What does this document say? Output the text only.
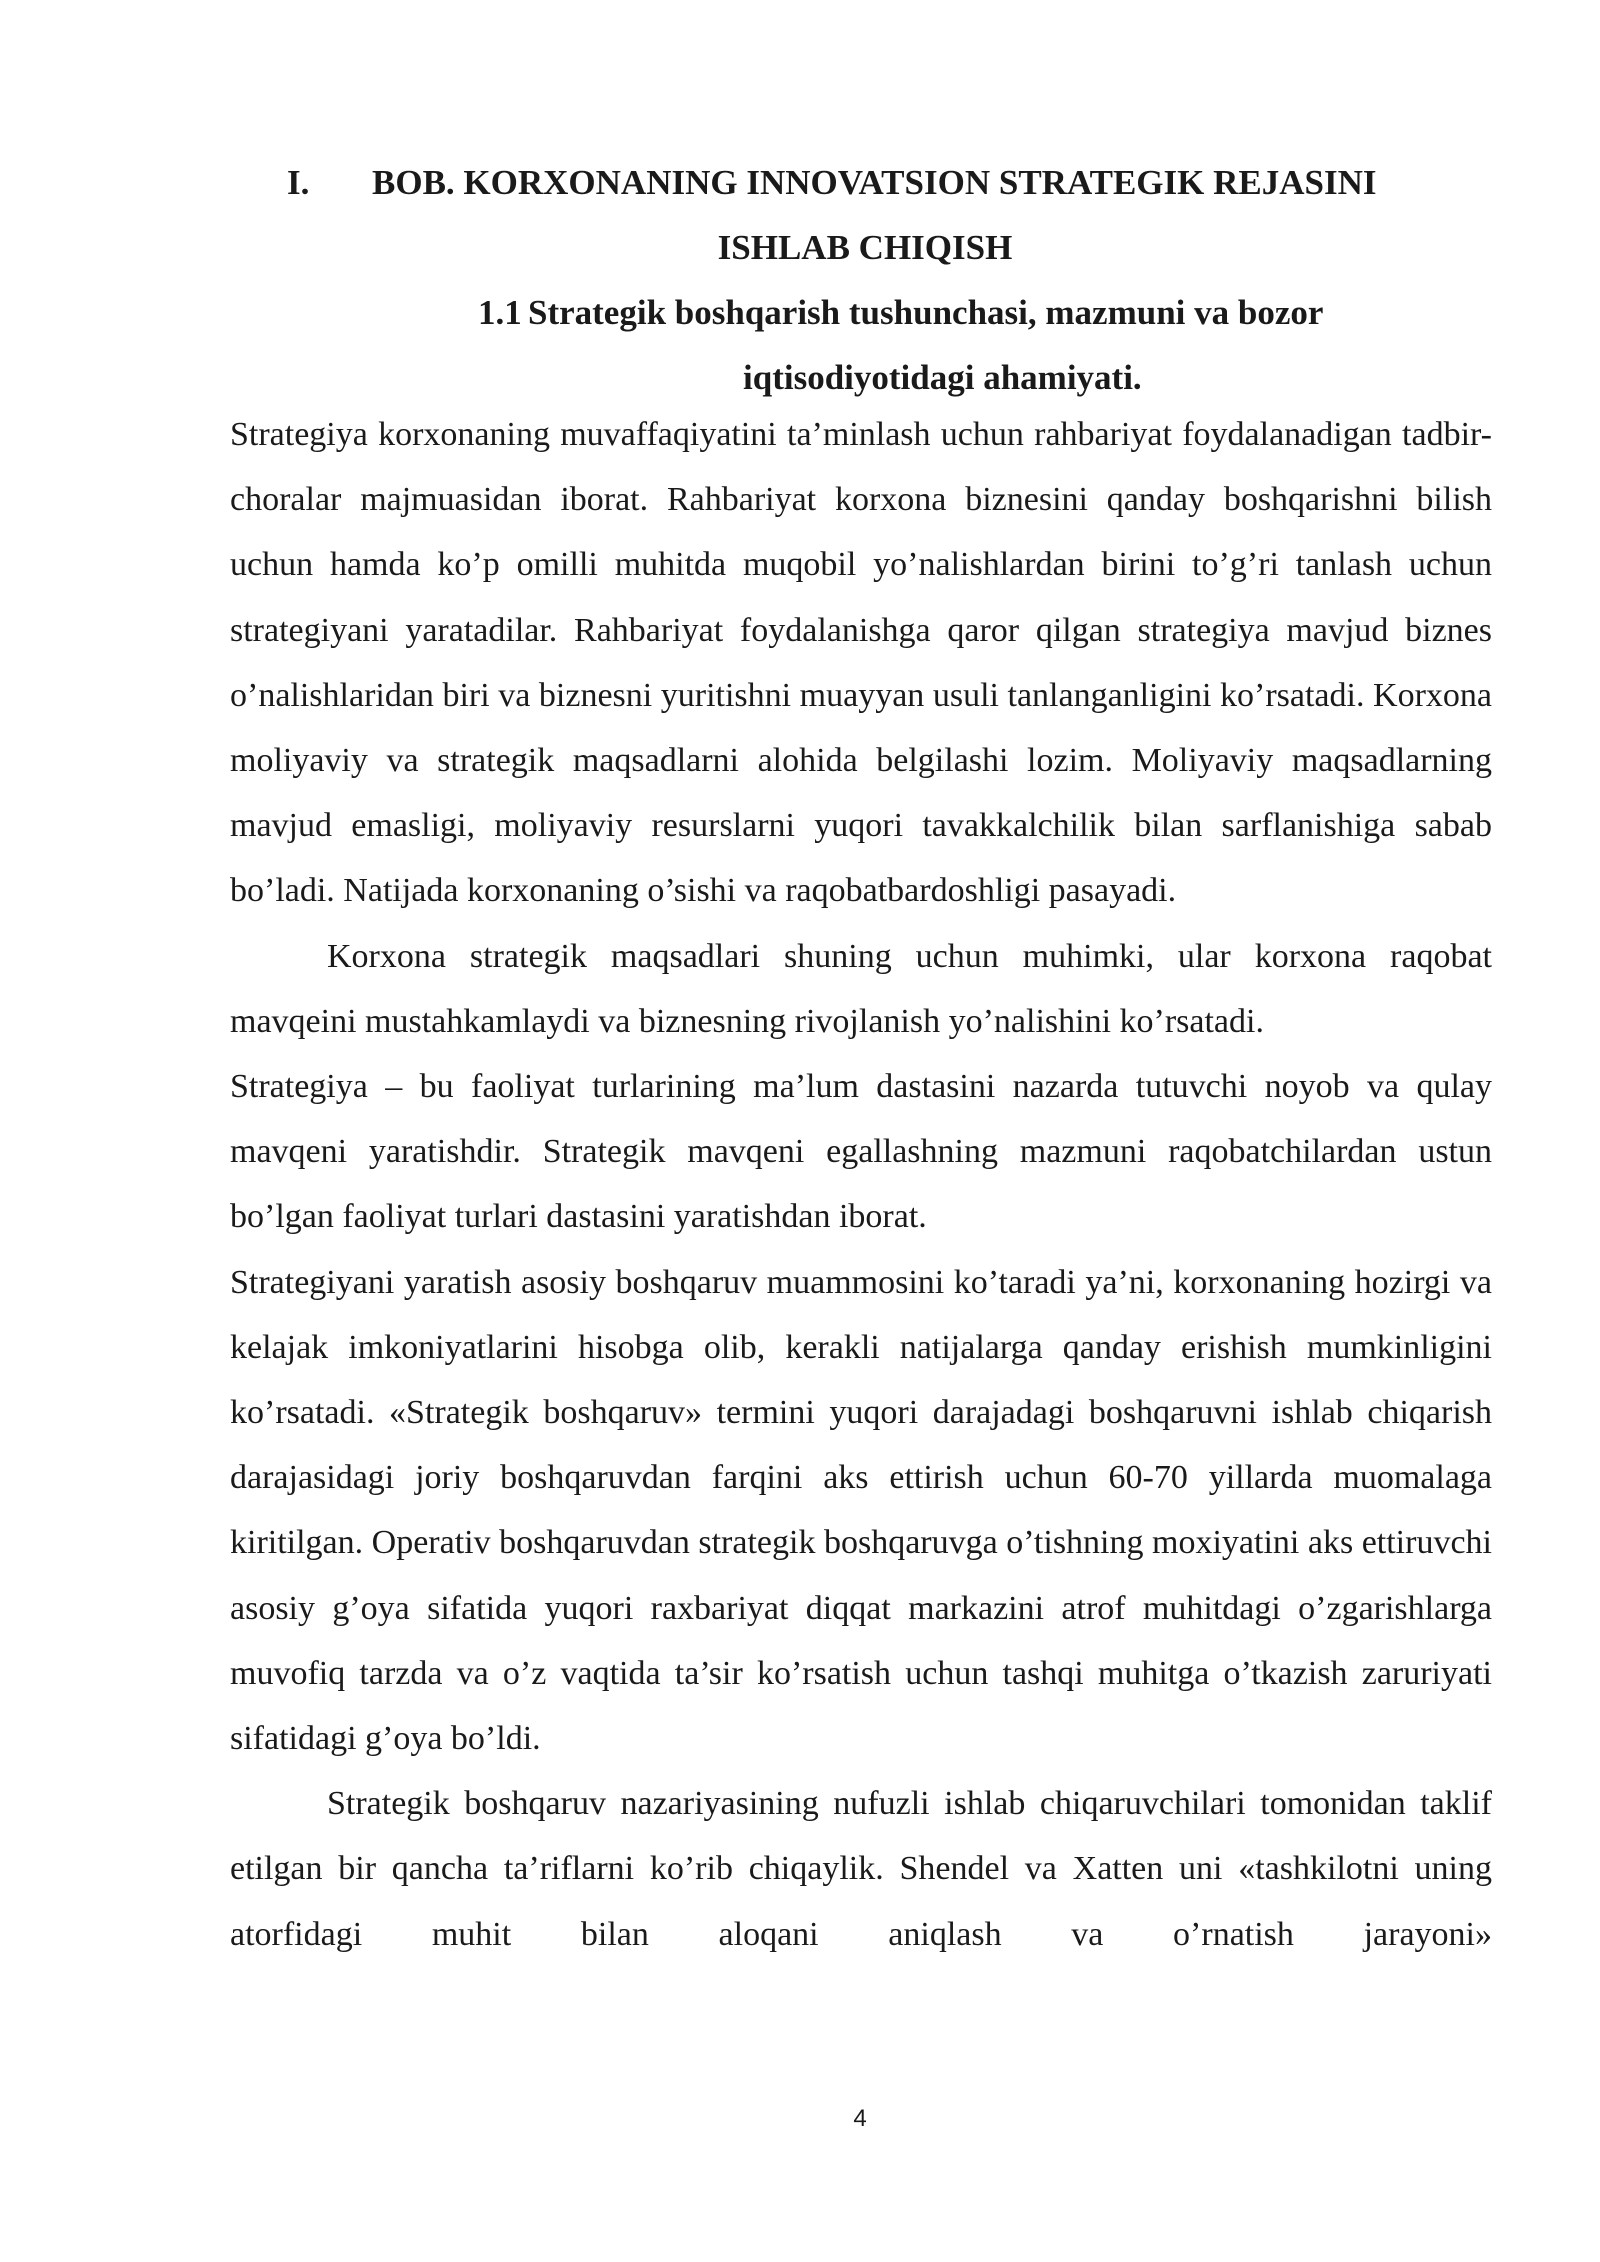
I.	BOB. KORXONANING INNOVATSION STRATEGIK REJASINI
ISHLAB CHIQISH
1.1 Strategik boshqarish tushunchasi, mazmuni va bozor
iqtisodiyotidagi ahamiyati.

Strategiya korxonaning muvaffaqiyatini ta’minlash uchun rahbariyat foydalanadigan tadbir-choralar majmuasidan iborat. Rahbariyat korxona biznesini qanday boshqarishni bilish uchun hamda ko’p omilli muhitda muqobil yo’nalishlardan birini to’g’ri tanlash uchun strategiyani yaratadilar. Rahbariyat foydalanishga qaror qilgan strategiya mavjud biznes o’nalishlaridan biri va biznesni yuritishni muayyan usuli tanlanganligini ko’rsatadi. Korxona moliyaviy va strategik maqsadlarni alohida belgilashi lozim. Moliyaviy maqsadlarning mavjud emasligi, moliyaviy resurslarni yuqori tavakkalchilik bilan sarflanishiga sabab bo’ladi. Natijada korxonaning o’sishi va raqobatbardoshligi pasayadi.

Korxona strategik maqsadlari shuning uchun muhimki, ular korxona raqobat mavqeini mustahkamlaydi va biznesning rivojlanish yo’nalishini ko’rsatadi.

Strategiya – bu faoliyat turlarining ma’lum dastasini nazarda tutuvchi noyob va qulay mavqeni yaratishdir. Strategik mavqeni egallashning mazmuni raqobatchilardan ustun bo’lgan faoliyat turlari dastasini yaratishdan iborat.

Strategiyani yaratish asosiy boshqaruv muammosini ko’taradi ya’ni, korxonaning hozirgi va kelajak imkoniyatlarini hisobga olib, kerakli natijalarga qanday erishish mumkinligini ko’rsatadi. «Strategik boshqaruv» termini yuqori darajadagi boshqaruvni ishlab chiqarish darajasidagi joriy boshqaruvdan farqini aks ettirish uchun 60-70 yillarda muomalaga kiritilgan. Operativ boshqaruvdan strategik boshqaruvga o’tishning moxiyatini aks ettiruvchi asosiy g’oya sifatida yuqori raxbariyat diqqat markazini atrof muhitdagi o’zgarishlarga muvofiq tarzda va o’z vaqtida ta’sir ko’rsatish uchun tashqi muhitga o’tkazish zaruriyati sifatidagi g’oya bo’ldi.

Strategik boshqaruv nazariyasining nufuzli ishlab chiqaruvchilari tomonidan taklif etilgan bir qancha ta’riflarni ko’rib chiqaylik. Shendel va Xatten uni «tashkilotni uning atorfidagi muhit bilan aloqani aniqlash va o’rnatish jarayoni»

4
